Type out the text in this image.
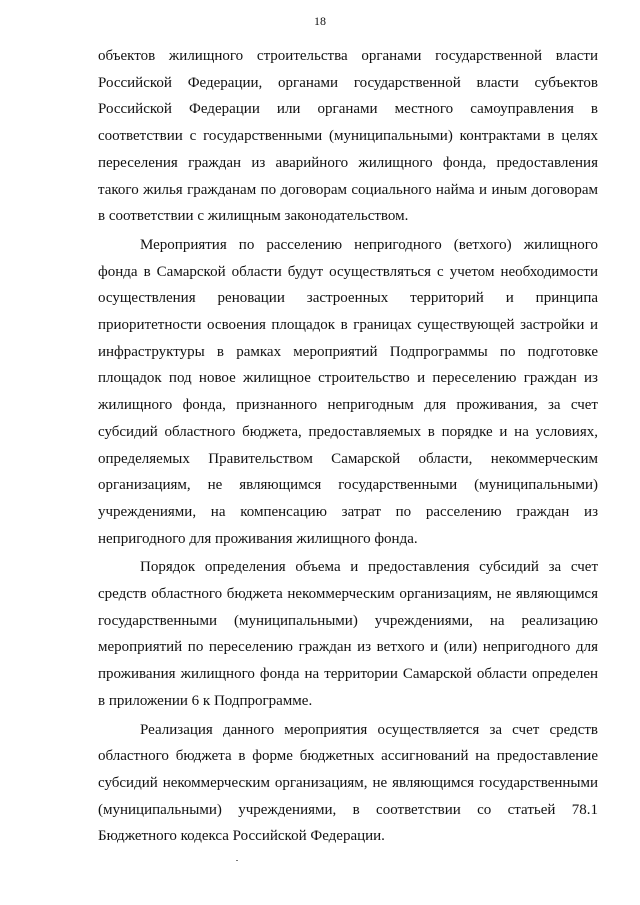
18

объектов жилищного строительства органами государственной власти Российской Федерации, органами государственной власти субъектов Российской Федерации или органами местного самоуправления в соответствии с государственными (муниципальными) контрактами в целях переселения граждан из аварийного жилищного фонда, предоставления такого жилья гражданам по договорам социального найма и иным договорам в соответствии с жилищным законодательством.

Мероприятия по расселению непригодного (ветхого) жилищного фонда в Самарской области будут осуществляться с учетом необходимости осуществления реновации застроенных территорий и принципа приоритетности освоения площадок в границах существующей застройки и инфраструктуры в рамках мероприятий Подпрограммы по подготовке площадок под новое жилищное строительство и переселению граждан из жилищного фонда, признанного непригодным для проживания, за счет субсидий областного бюджета, предоставляемых в порядке и на условиях, определяемых Правительством Самарской области, некоммерческим организациям, не являющимся государственными (муниципальными) учреждениями, на компенсацию затрат по расселению граждан из непригодного для проживания жилищного фонда.

Порядок определения объема и предоставления субсидий за счет средств областного бюджета некоммерческим организациям, не являющимся государственными (муниципальными) учреждениями, на реализацию мероприятий по переселению граждан из ветхого и (или) непригодного для проживания жилищного фонда на территории Самарской области определен в приложении 6 к Подпрограмме.

Реализация данного мероприятия осуществляется за счет средств областного бюджета в форме бюджетных ассигнований на предоставление субсидий некоммерческим организациям, не являющимся государственными (муниципальными) учреждениями, в соответствии со статьей 78.1 Бюджетного кодекса Российской Федерации.
